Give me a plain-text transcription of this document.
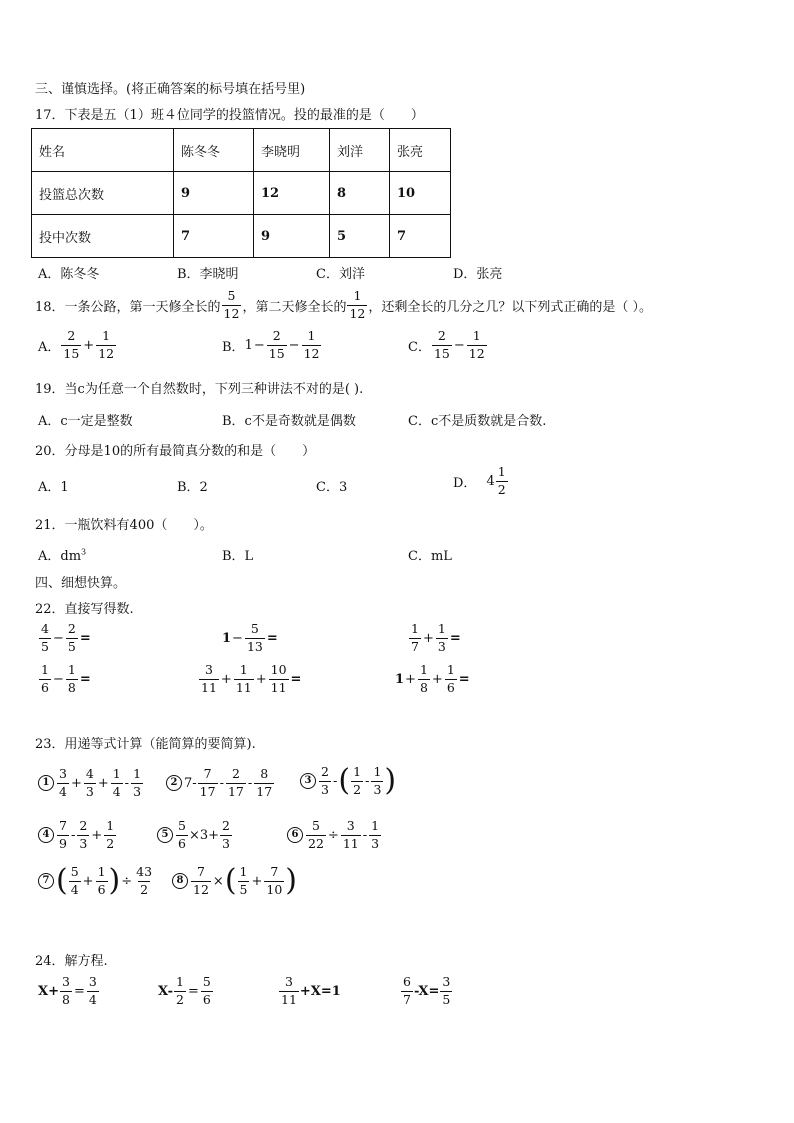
三、谨慎选择。(将正确答案的标号填在括号里)
17．下表是五（1）班４位同学的投篮情况。投的最准的是（　　）
姓名	陈冬冬	李晓明	刘洋	张亮
投篮总次数	9	12	8	10
投中次数	7	9	5	7
A．陈冬冬	B．李晓明	C．刘洋	D．张亮
18．一条公路，第一天修全长的 $\frac{5}{12}$ ，第二天修全长的 $\frac{1}{12}$ ，还剩全长的几分之几？以下列式正确的是（ ）。
A． $\frac{2}{15} + \frac{1}{12}$	B． $1 - \frac{2}{15} - \frac{1}{12}$	C． $\frac{2}{15} - \frac{1}{12}$
19．当c为任意一个自然数时，下列三种讲法不对的是( ).
A．c一定是整数	B．c不是奇数就是偶数	C．c不是质数就是合数.
20．分母是10的所有最简真分数的和是（　　）
A．1	B．2	C．3	D． $4 \frac{1}{2}$
21．一瓶饮料有400（　　）。
A．$dm^3$	B．L	C．mL
四、细想快算。
22．直接写得数.
$\frac{4}{5} - \frac{2}{5}$ =	$1 - \frac{5}{13}$ =	$\frac{1}{7} + \frac{1}{3}$ =
$\frac{1}{6} - \frac{1}{8}$ =	$\frac{3}{11} + \frac{1}{11} + \frac{10}{11}$ =	$1 + \frac{1}{8} + \frac{1}{6}$ =
23．用递等式计算（能简算的要简算).
$1 \frac{3}{4} + \frac{4}{3} + \frac{1}{4} - \frac{1}{3}$	2 $7- \frac{7}{17} - \frac{2}{17} - \frac{8}{17}$	$3 \frac{2}{3}$ - ( $\frac{1}{2} - \frac{1}{3}$ )
$4 \frac{7}{9} - \frac{2}{3} + \frac{1}{2}$	$5 \frac{5}{6} \times 3+ \frac{2}{3}$	$6 \frac{5}{22} \div \frac{3}{11} - \frac{1}{3}$
7 ( $\frac{5}{4} + \frac{1}{6}$ ) ÷ $\frac{43}{2}$	$8 \frac{7}{12}$ × ( $\frac{1}{5} + \frac{7}{10}$ )
24．解方程.
$X+ \frac{3}{8} = \frac{3}{4}$	$X- \frac{1}{2} = \frac{5}{6}$	$\frac{3}{11} +X=1$	$\frac{6}{7} -X= \frac{3}{5}$
